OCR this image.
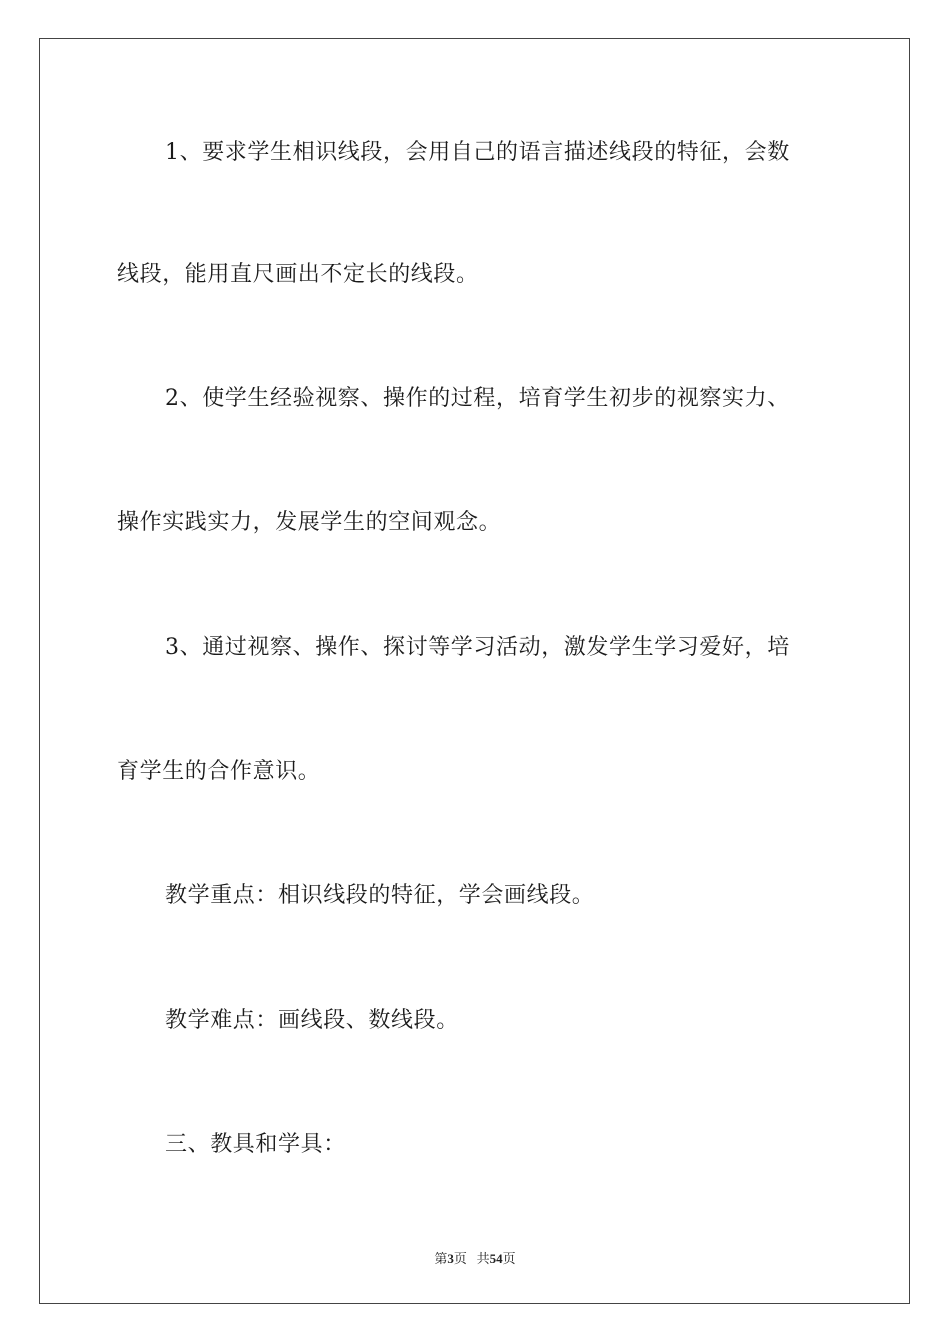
1、要求学生相识线段，会用自己的语言描述线段的特征，会数
线段，能用直尺画出不定长的线段。
2、使学生经验视察、操作的过程，培育学生初步的视察实力、
操作实践实力，发展学生的空间观念。
3、通过视察、操作、探讨等学习活动，激发学生学习爱好，培
育学生的合作意识。
教学重点：相识线段的特征，学会画线段。
教学难点：画线段、数线段。
三、教具和学具：
第3页 共54页
